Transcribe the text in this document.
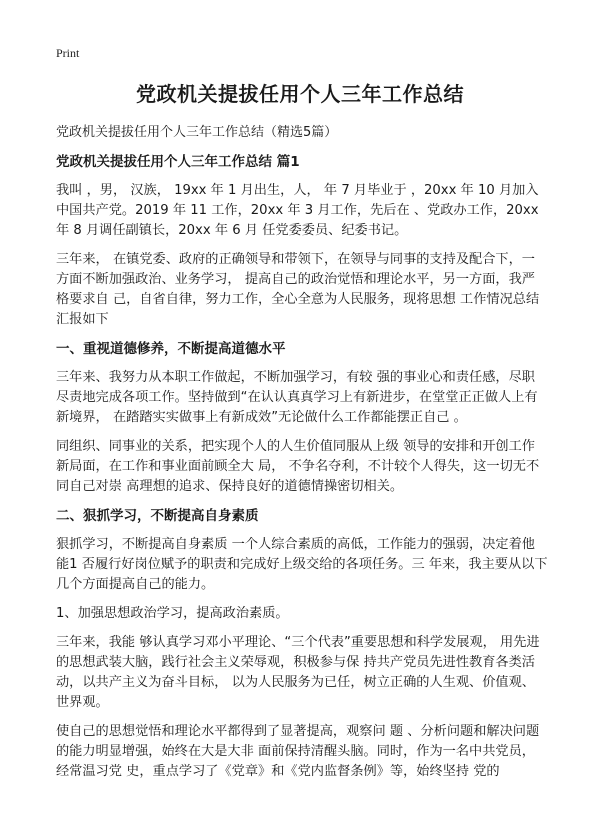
Print
党政机关提拔任用个人三年工作总结
党政机关提拔任用个人三年工作总结（精选5篇）
党政机关提拔任用个人三年工作总结 篇1

我叫 ，男， 汉族， 19xx 年 1 月出生，人， 年 7 月毕业于 ，20xx 年 10 月加入中国共产党。2019 年 11 工作，20xx 年 3 月工作，先后在 、党政办工作，20xx 年 8 月调任副镇长，20xx 年 6 月 任党委委员、纪委书记。

三年来， 在镇党委、政府的正确领导和带领下，在领导与同事的支持及配合下，一方面不断加强政治、业务学习， 提高自己的政治觉悟和理论水平，另一方面，我严格要求自 己，自省自律，努力工作，全心全意为人民服务，现将思想 工作情况总结汇报如下

一、重视道德修养，不断提高道德水平

三年来、我努力从本职工作做起，不断加强学习，有较 强的事业心和责任感，尽职尽责地完成各项工作。坚持做到“在认认真真学习上有新进步，在堂堂正正做人上有新境界， 在踏踏实实做事上有新成效”无论做什么工作都能摆正自己 。

同组织、同事业的关系，把实现个人的人生价值同服从上级 领导的安排和开创工作新局面，在工作和事业面前顾全大 局， 不争名夺利，不计较个人得失，这一切无不同自己对崇 高理想的追求、保持良好的道德情操密切相关。

二、狠抓学习，不断提高自身素质

狠抓学习，不断提高自身素质 一个人综合素质的高低，工作能力的强弱，决定着他能1 否履行好岗位赋予的职责和完成好上级交给的各项任务。三 年来，我主要从以下几个方面提高自己的能力。

1、加强思想政治学习，提高政治素质。

三年来，我能 够认真学习邓小平理论、“三个代表”重要思想和科学发展观， 用先进的思想武装大脑，践行社会主义荣辱观，积极参与保 持共产党员先进性教育各类活动，以共产主义为奋斗目标， 以为人民服务为已任，树立正确的人生观、价值观、世界观。

使自己的思想觉悟和理论水平都得到了显著提高，观察问 题 、分析问题和解决问题的能力明显增强，始终在大是大非 面前保持清醒头脑。同时，作为一名中共党员，经常温习党 史，重点学习了《党章》和《党内监督条例》等，始终坚持 党的
